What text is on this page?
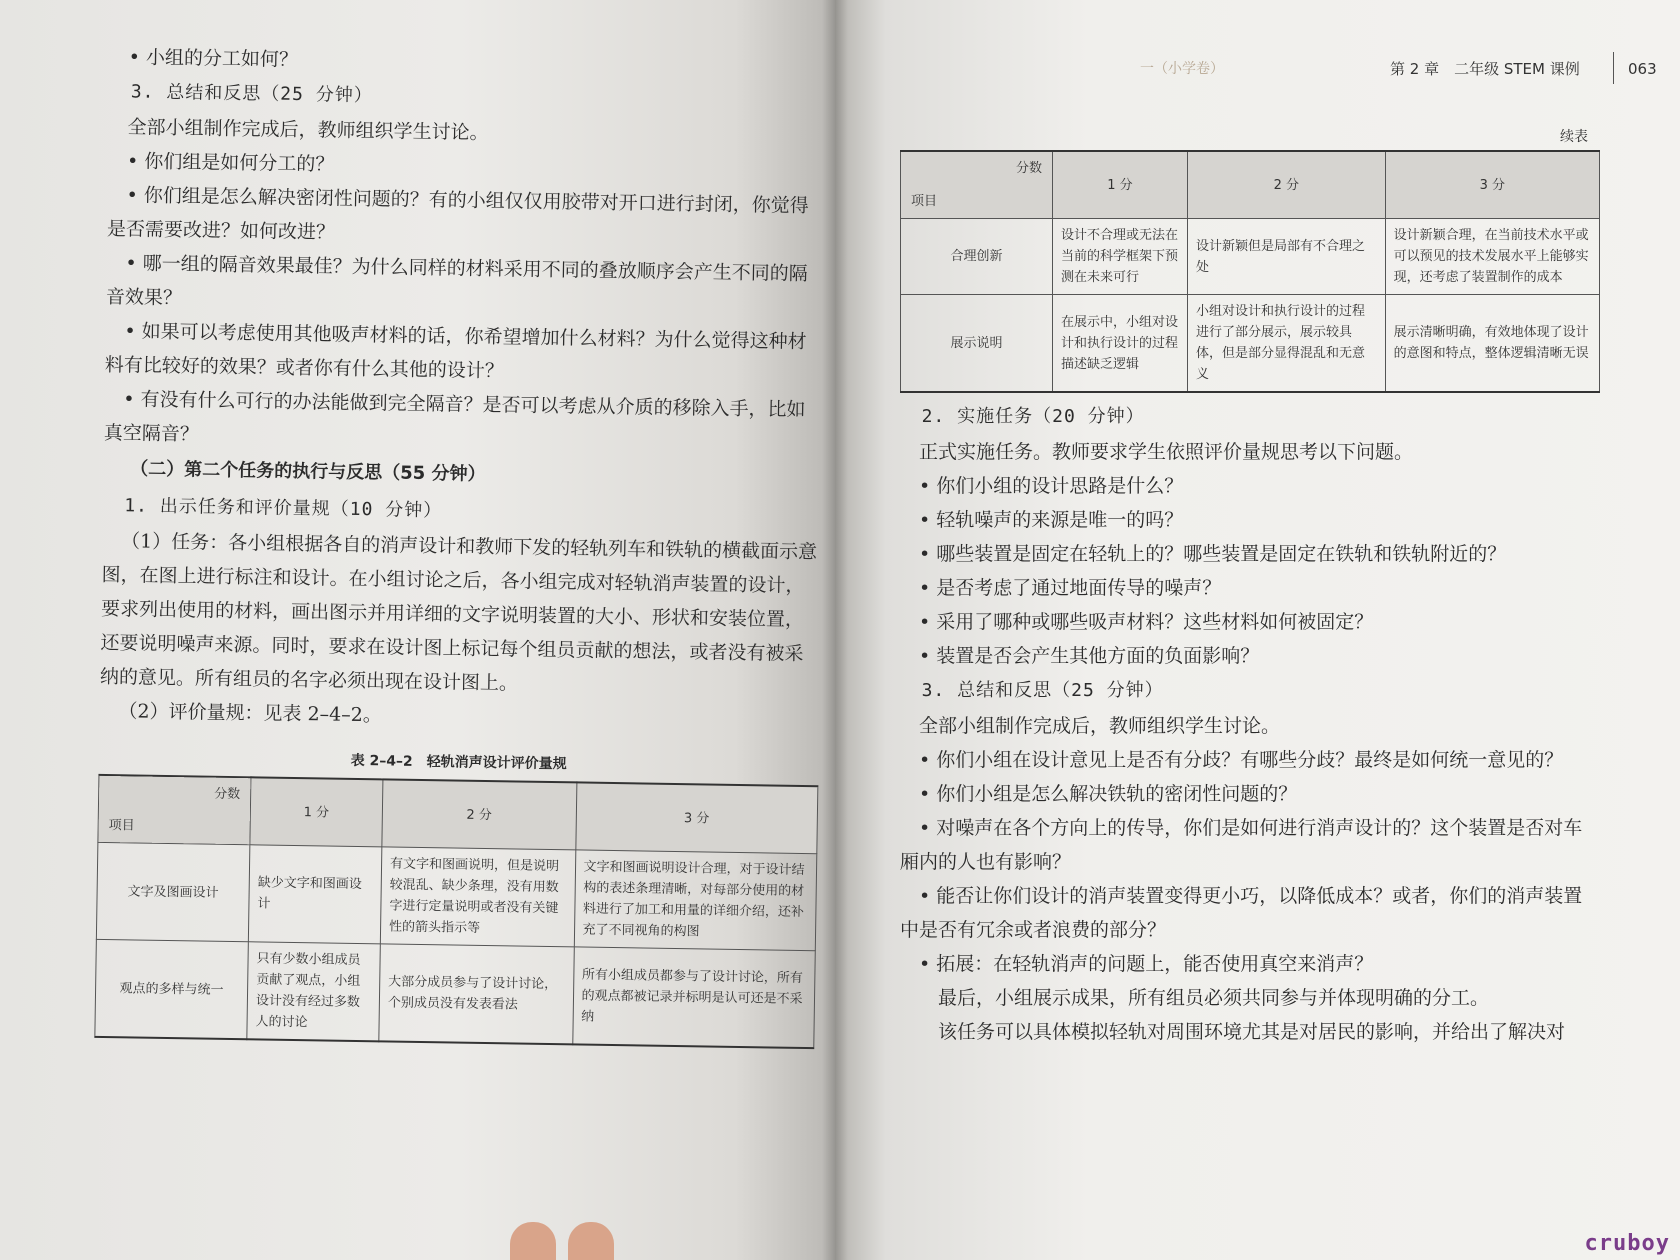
• 小组的分工如何？

3. 总结和反思（25 分钟）

全部小组制作完成后，教师组织学生讨论。

• 你们组是如何分工的？

• 你们组是怎么解决密闭性问题的？有的小组仅仅用胶带对开口进行封闭，你觉得是否需要改进？如何改进？

• 哪一组的隔音效果最佳？为什么同样的材料采用不同的叠放顺序会产生不同的隔音效果？

• 如果可以考虑使用其他吸声材料的话，你希望增加什么材料？为什么觉得这种材料有比较好的效果？或者你有什么其他的设计？

• 有没有什么可行的办法能做到完全隔音？是否可以考虑从介质的移除入手，比如真空隔音？

（二）第二个任务的执行与反思（55 分钟）

1. 出示任务和评价量规（10 分钟）

（1）任务：各小组根据各自的消声设计和教师下发的轻轨列车和铁轨的横截面示意图，在图上进行标注和设计。在小组讨论之后，各小组完成对轻轨消声装置的设计，要求列出使用的材料，画出图示并用详细的文字说明装置的大小、形状和安装位置，还要说明噪声来源。同时，要求在设计图上标记每个组员贡献的想法，或者没有被采纳的意见。所有组员的名字必须出现在设计图上。

（2）评价量规：见表 2–4–2。

表 2–4–2　轻轨消声设计评价量规
分数
项目	1 分	2 分	3 分
文字及图画设计	缺少文字和图画设计	有文字和图画说明，但是说明较混乱、缺少条理，没有用数字进行定量说明或者没有关键性的箭头指示等	文字和图画说明设计合理，对于设计结构的表述条理清晰，对每部分使用的材料进行了加工和用量的详细介绍，还补充了不同视角的构图
观点的多样与统一	只有少数小组成员贡献了观点，小组设计没有经过多数人的讨论	大部分成员参与了设计讨论，个别成员没有发表看法	所有小组成员都参与了设计讨论，所有的观点都被记录并标明是认可还是不采纳
一（小学卷）	第 2 章　二年级 STEM 课例	063
续表
分数
项目	1 分	2 分	3 分
合理创新	设计不合理或无法在当前的科学框架下预测在未来可行	设计新颖但是局部有不合理之处	设计新颖合理，在当前技术水平或可以预见的技术发展水平上能够实现，还考虑了装置制作的成本
展示说明	在展示中，小组对设计和执行设计的过程描述缺乏逻辑	小组对设计和执行设计的过程进行了部分展示，展示较具体，但是部分显得混乱和无意义	展示清晰明确，有效地体现了设计的意图和特点，整体逻辑清晰无误

2. 实施任务（20 分钟）

正式实施任务。教师要求学生依照评价量规思考以下问题。

• 你们小组的设计思路是什么？

• 轻轨噪声的来源是唯一的吗？

• 哪些装置是固定在轻轨上的？哪些装置是固定在铁轨和铁轨附近的？

• 是否考虑了通过地面传导的噪声？

• 采用了哪种或哪些吸声材料？这些材料如何被固定？

• 装置是否会产生其他方面的负面影响？

3. 总结和反思（25 分钟）

全部小组制作完成后，教师组织学生讨论。

• 你们小组在设计意见上是否有分歧？有哪些分歧？最终是如何统一意见的？

• 你们小组是怎么解决铁轨的密闭性问题的？

• 对噪声在各个方向上的传导，你们是如何进行消声设计的？这个装置是否对车厢内的人也有影响？

• 能否让你们设计的消声装置变得更小巧，以降低成本？或者，你们的消声装置中是否有冗余或者浪费的部分？

• 拓展：在轻轨消声的问题上，能否使用真空来消声？

最后，小组展示成果，所有组员必须共同参与并体现明确的分工。

该任务可以具体模拟轻轨对周围环境尤其是对居民的影响，并给出了解决对

cruboy
